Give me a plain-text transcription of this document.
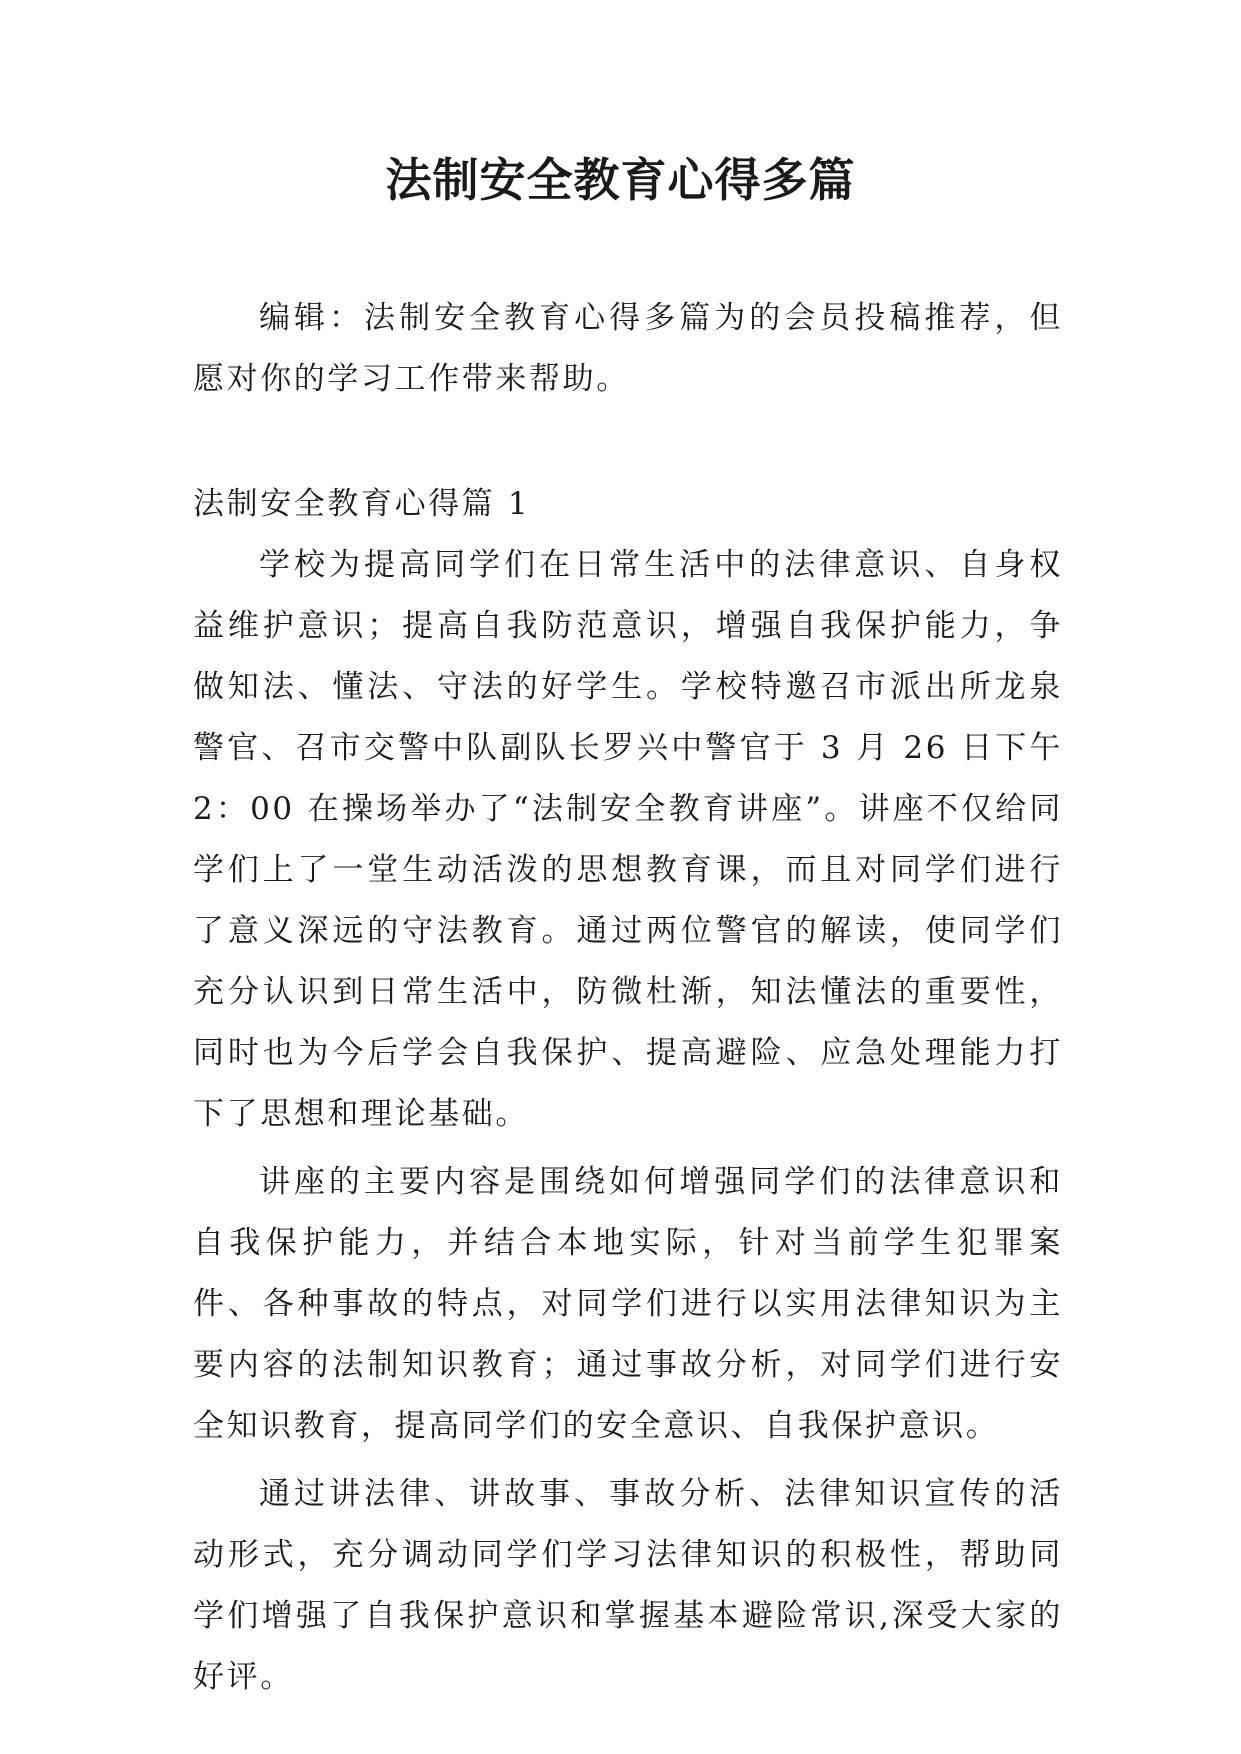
法制安全教育心得多篇

编辑：法制安全教育心得多篇为的会员投稿推荐，但愿对你的学习工作带来帮助。

法制安全教育心得篇 1

学校为提高同学们在日常生活中的法律意识、自身权益维护意识；提高自我防范意识，增强自我保护能力，争做知法、懂法、守法的好学生。学校特邀召市派出所龙泉警官、召市交警中队副队长罗兴中警官于 3 月 26 日下午 2：00 在操场举办了“法制安全教育讲座”。讲座不仅给同学们上了一堂生动活泼的思想教育课，而且对同学们进行了意义深远的守法教育。通过两位警官的解读，使同学们充分认识到日常生活中，防微杜渐，知法懂法的重要性，同时也为今后学会自我保护、提高避险、应急处理能力打下了思想和理论基础。

讲座的主要内容是围绕如何增强同学们的法律意识和自我保护能力，并结合本地实际，针对当前学生犯罪案件、各种事故的特点，对同学们进行以实用法律知识为主要内容的法制知识教育；通过事故分析，对同学们进行安全知识教育，提高同学们的安全意识、自我保护意识。

通过讲法律、讲故事、事故分析、法律知识宣传的活动形式，充分调动同学们学习法律知识的积极性，帮助同学们增强了自我保护意识和掌握基本避险常识,深受大家的好评。
